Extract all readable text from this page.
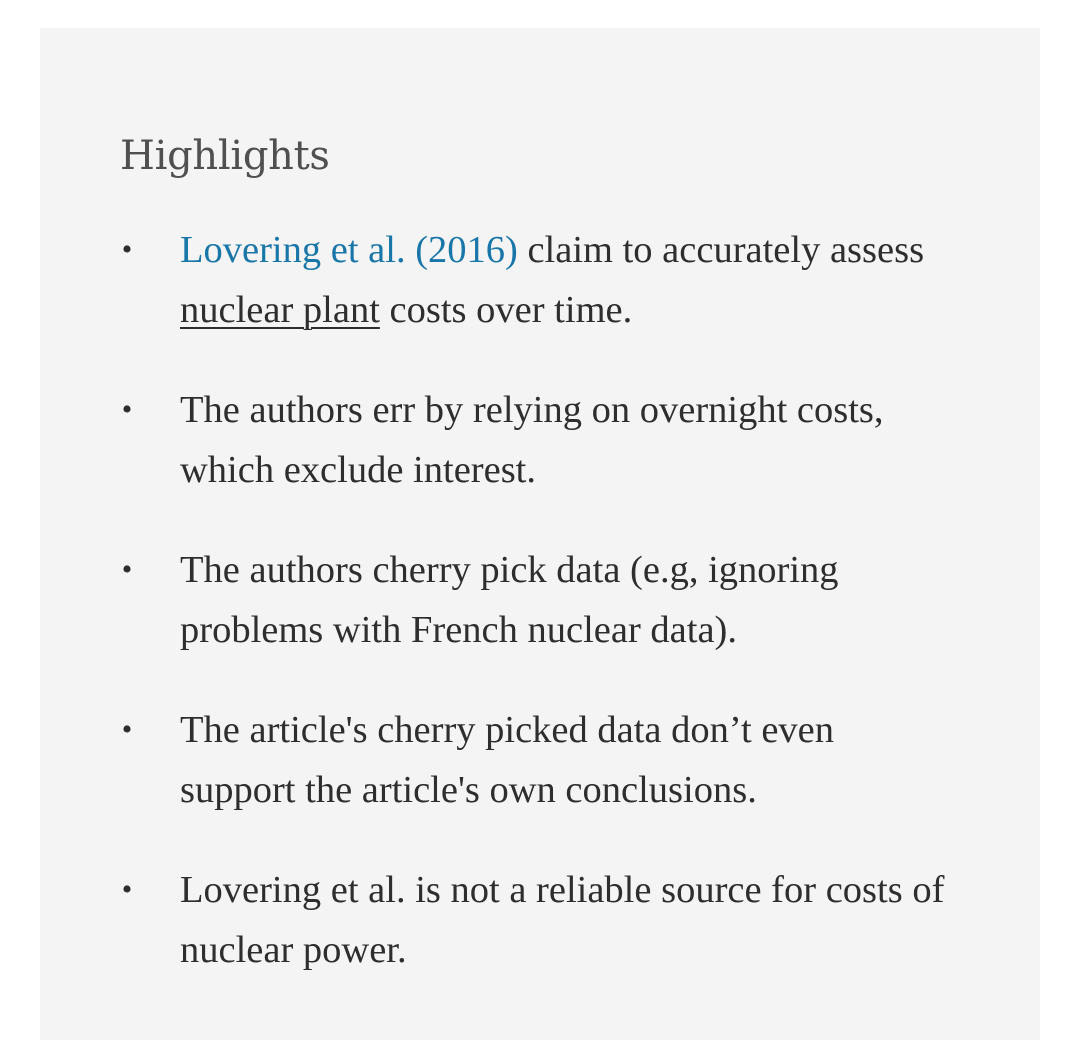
Highlights
• Lovering et al. (2016) claim to accurately assess nuclear plant costs over time.
• The authors err by relying on overnight costs, which exclude interest.
• The authors cherry pick data (e.g, ignoring problems with French nuclear data).
• The article's cherry picked data don’t even support the article's own conclusions.
• Lovering et al. is not a reliable source for costs of nuclear power.
